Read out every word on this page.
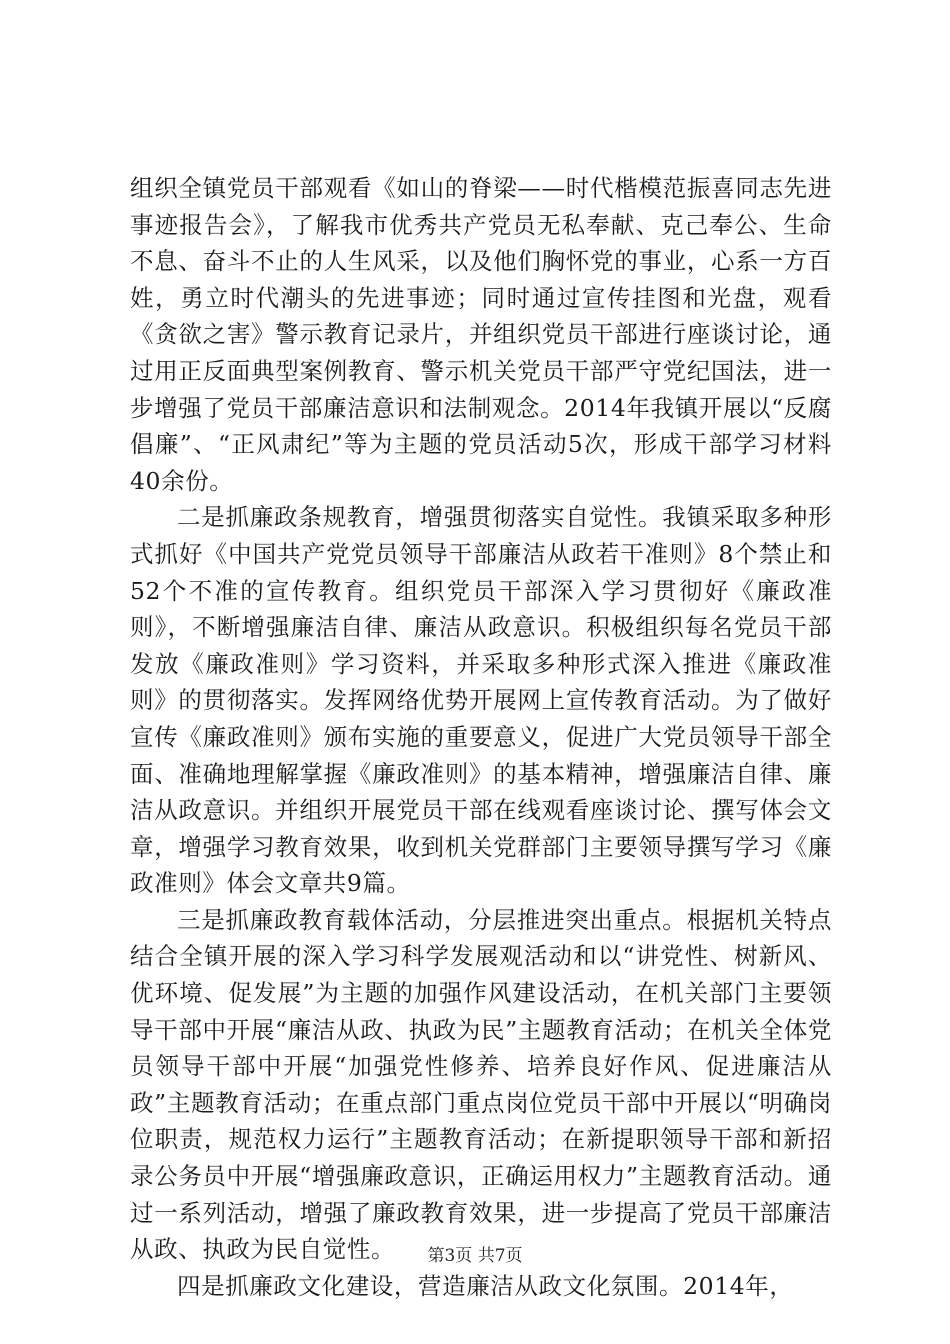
组织全镇党员干部观看《如山的脊梁——时代楷模范振喜同志先进事迹报告会》，了解我市优秀共产党员无私奉献、克己奉公、生命不息、奋斗不止的人生风采，以及他们胸怀党的事业，心系一方百姓，勇立时代潮头的先进事迹；同时通过宣传挂图和光盘，观看《贪欲之害》警示教育记录片，并组织党员干部进行座谈讨论，通过用正反面典型案例教育、警示机关党员干部严守党纪国法，进一步增强了党员干部廉洁意识和法制观念。2014年我镇开展以“反腐倡廉”、“正风肃纪”等为主题的党员活动5次，形成干部学习材料40余份。

二是抓廉政条规教育，增强贯彻落实自觉性。我镇采取多种形式抓好《中国共产党党员领导干部廉洁从政若干准则》8个禁止和52个不准的宣传教育。组织党员干部深入学习贯彻好《廉政准则》，不断增强廉洁自律、廉洁从政意识。积极组织每名党员干部发放《廉政准则》学习资料，并采取多种形式深入推进《廉政准则》的贯彻落实。发挥网络优势开展网上宣传教育活动。为了做好宣传《廉政准则》颁布实施的重要意义，促进广大党员领导干部全面、准确地理解掌握《廉政准则》的基本精神，增强廉洁自律、廉洁从政意识。并组织开展党员干部在线观看座谈讨论、撰写体会文章，增强学习教育效果，收到机关党群部门主要领导撰写学习《廉政准则》体会文章共9篇。

三是抓廉政教育载体活动，分层推进突出重点。根据机关特点结合全镇开展的深入学习科学发展观活动和以“讲党性、树新风、优环境、促发展”为主题的加强作风建设活动，在机关部门主要领导干部中开展“廉洁从政、执政为民”主题教育活动；在机关全体党员领导干部中开展“加强党性修养、培养良好作风、促进廉洁从政”主题教育活动；在重点部门重点岗位党员干部中开展以“明确岗位职责，规范权力运行”主题教育活动；在新提职领导干部和新招录公务员中开展“增强廉政意识，正确运用权力”主题教育活动。通过一系列活动，增强了廉政教育效果，进一步提高了党员干部廉洁从政、执政为民自觉性。

四是抓廉政文化建设，营造廉洁从政文化氛围。2014年，

第3页 共7页
